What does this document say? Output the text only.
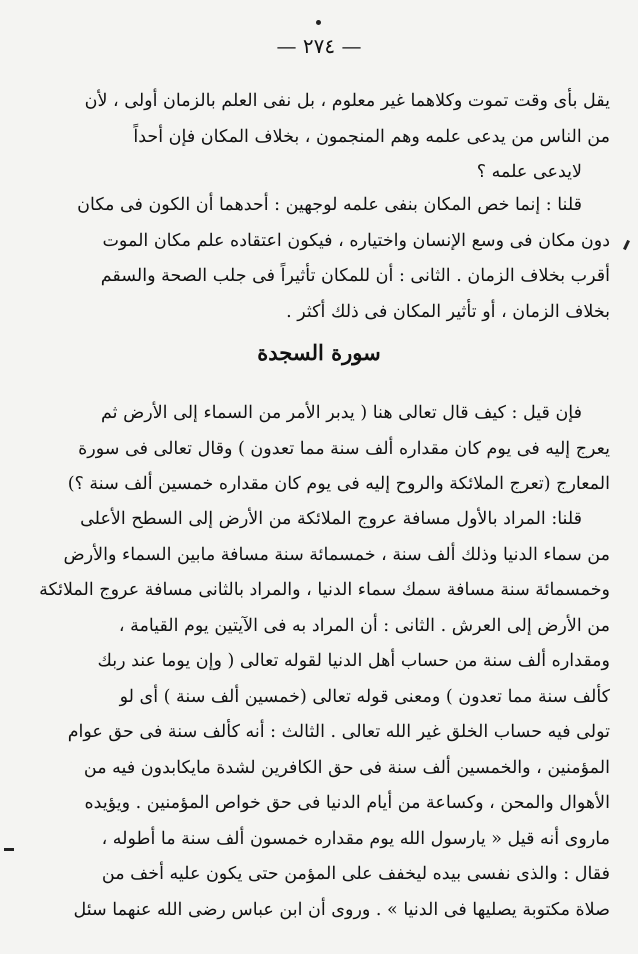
— ٢٧٤ —
يقل بأى وقت تموت وكلاهما غير معلوم ، بل نفى العلم بالزمان أولى ، لأن
من الناس من يدعى علمه وهم المنجمون ، بخلاف المكان فإن أحداً
لايدعى علمه ؟
قلنا : إنما خص المكان بنفى علمه لوجهين : أحدهما أن الكون فى مكان
دون مكان فى وسع الإنسان واختياره ، فيكون اعتقاده علم مكان الموت
أقرب بخلاف الزمان . الثانى : أن للمكان تأثيراً فى جلب الصحة والسقم
بخلاف الزمان ، أو تأثير المكان فى ذلك أكثر .
سورة السجدة
فإن قيل : كيف قال تعالى هنا ( يدبر الأمر من السماء إلى الأرض ثم
يعرج إليه فى يوم كان مقداره ألف سنة مما تعدون ) وقال تعالى فى سورة
المعارج (تعرج الملائكة والروح إليه فى يوم كان مقداره خمسين ألف سنة ؟)
قلنا: المراد بالأول مسافة عروج الملائكة من الأرض إلى السطح الأعلى
من سماء الدنيا وذلك ألف سنة ، خمسمائة سنة مسافة مابين السماء والأرض
وخمسمائة سنة مسافة سمك سماء الدنيا ، والمراد بالثانى مسافة عروج الملائكة
من الأرض إلى العرش . الثانى : أن المراد به فى الآيتين يوم القيامة ،
ومقداره ألف سنة من حساب أهل الدنيا لقوله تعالى ( وإن يوما عند ربك
كألف سنة مما تعدون ) ومعنى قوله تعالى (خمسين ألف سنة ) أى لو
تولى فيه حساب الخلق غير الله تعالى . الثالث : أنه كألف سنة فى حق عوام
المؤمنين ، والخمسين ألف سنة فى حق الكافرين لشدة مايكابدون فيه من
الأهوال والمحن ، وكساعة من أيام الدنيا فى حق خواص المؤمنين . ويؤيده
ماروى أنه قيل « يارسول الله يوم مقداره خمسون ألف سنة ما أطوله ،
فقال : والذى نفسى بيده ليخفف على المؤمن حتى يكون عليه أخف من
صلاة مكتوبة يصليها فى الدنيا » . وروى أن ابن عباس رضى الله عنهما سئل
